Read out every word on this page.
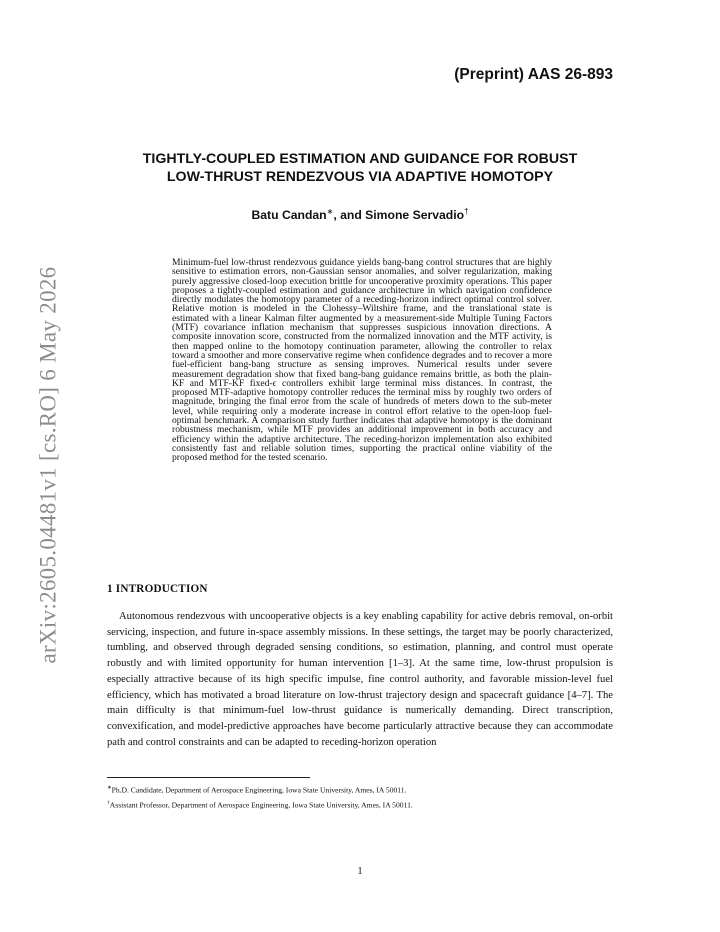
arXiv:2605.04481v1 [cs.RO] 6 May 2026
(Preprint) AAS 26-893
TIGHTLY-COUPLED ESTIMATION AND GUIDANCE FOR ROBUST
LOW-THRUST RENDEZVOUS VIA ADAPTIVE HOMOTOPY
Batu Candan∗, and Simone Servadio†
Minimum-fuel low-thrust rendezvous guidance yields bang-bang control structures that are highly sensitive to estimation errors, non-Gaussian sensor anomalies, and solver regularization, making purely aggressive closed-loop execution brittle for uncooperative proximity operations. This paper proposes a tightly-coupled estimation and guidance architecture in which navigation confidence directly modulates the homotopy parameter of a receding-horizon indirect optimal control solver. Relative motion is modeled in the Clohessy–Wiltshire frame, and the translational state is estimated with a linear Kalman filter augmented by a measurement-side Multiple Tuning Factors (MTF) covariance inflation mechanism that suppresses suspicious innovation directions. A composite innovation score, constructed from the normalized innovation and the MTF activity, is then mapped online to the homotopy continuation parameter, allowing the controller to relax toward a smoother and more conservative regime when confidence degrades and to recover a more fuel-efficient bang-bang structure as sensing improves. Numerical results under severe measurement degradation show that fixed bang-bang guidance remains brittle, as both the plain-KF and MTF-KF fixed-ϵ controllers exhibit large terminal miss distances. In contrast, the proposed MTF-adaptive homotopy controller reduces the terminal miss by roughly two orders of magnitude, bringing the final error from the scale of hundreds of meters down to the sub-meter level, while requiring only a moderate increase in control effort relative to the open-loop fuel-optimal benchmark. A comparison study further indicates that adaptive homotopy is the dominant robustness mechanism, while MTF provides an additional improvement in both accuracy and efficiency within the adaptive architecture. The receding-horizon implementation also exhibited consistently fast and reliable solution times, supporting the practical online viability of the proposed method for the tested scenario.
1 INTRODUCTION
Autonomous rendezvous with uncooperative objects is a key enabling capability for active debris removal, on-orbit servicing, inspection, and future in-space assembly missions. In these settings, the target may be poorly characterized, tumbling, and observed through degraded sensing conditions, so estimation, planning, and control must operate robustly and with limited opportunity for human intervention [1–3]. At the same time, low-thrust propulsion is especially attractive because of its high specific impulse, fine control authority, and favorable mission-level fuel efficiency, which has motivated a broad literature on low-thrust trajectory design and spacecraft guidance [4–7]. The main difficulty is that minimum-fuel low-thrust guidance is numerically demanding. Direct transcription, convexification, and model-predictive approaches have become particularly attractive because they can accommodate path and control constraints and can be adapted to receding-horizon operation
∗Ph.D. Candidate, Department of Aerospace Engineering, Iowa State University, Ames, IA 50011.
†Assistant Professor, Department of Aerospace Engineering, Iowa State University, Ames, IA 50011.
1
